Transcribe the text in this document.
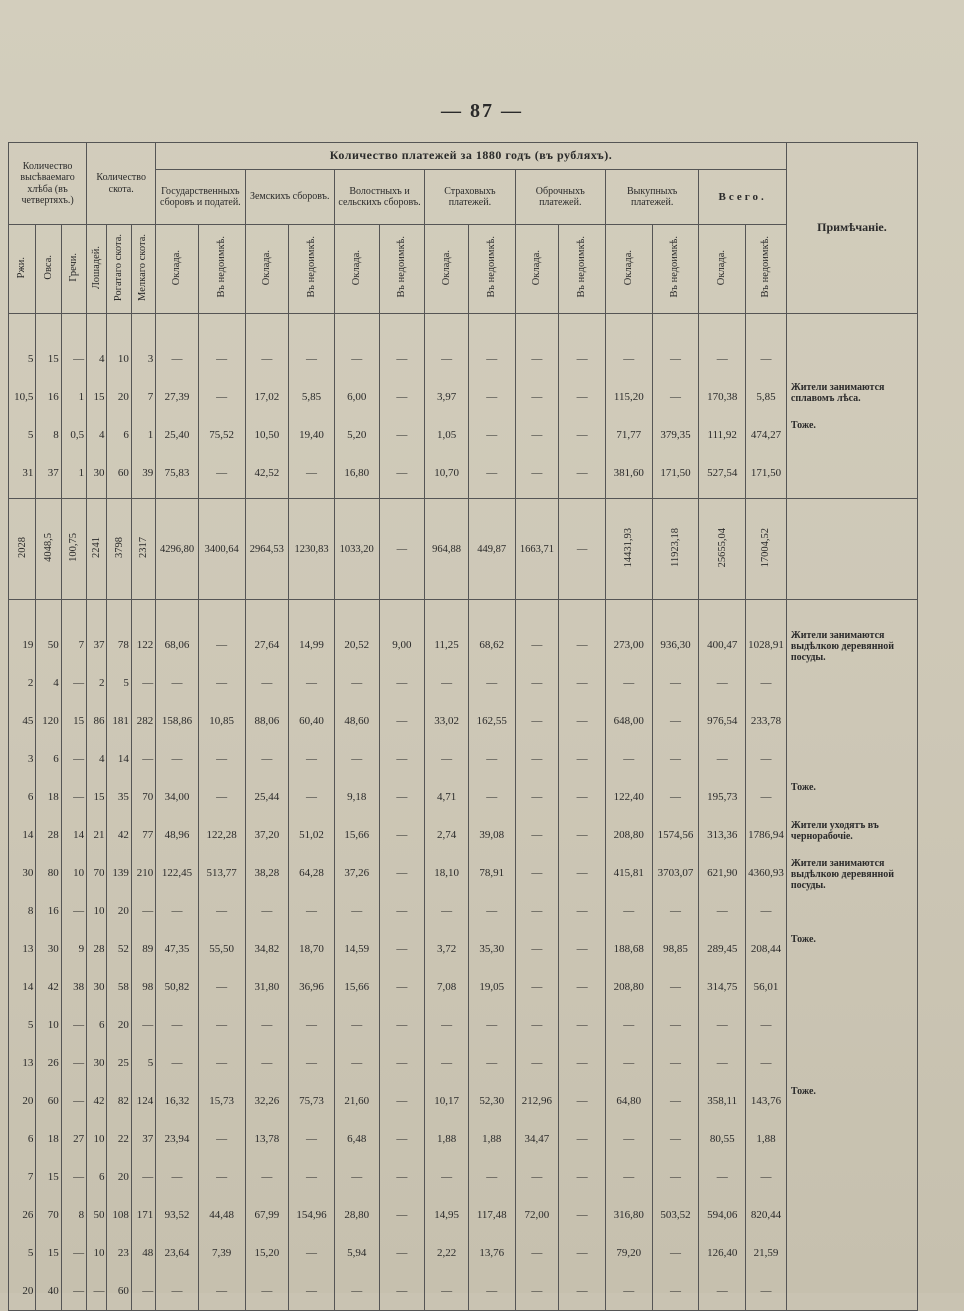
— 87 —
Количество высѣваемаго хлѣба (въ четвертяхъ.)			Количество скота.			Количество платежей за 1880 годъ (въ рубляхъ).														Примѣчаніе.
						Государственныхъ сборовъ и податей.		Земскихъ сборовъ.		Волостныхъ и сельскихъ сборовъ.		Страховыхъ платежей.		Оброчныхъ платежей.		Выкупныхъ платежей.		Всего.		
Ржи.	Овса.	Гречи.	Лошадей.	Рогатаго скота.	Мелкаго скота.	Оклада.	Въ недоимкѣ.	Оклада.	Въ недоимкѣ.	Оклада.	Въ недоимкѣ.	Оклада.	Въ недоимкѣ.	Оклада.	Въ недоимкѣ.	Оклада.	Въ недоимкѣ.	Оклада.	Въ недоимкѣ.	

5	15	—	4	10	3	—	—	—	—	—	—	—	—	—	—	—	—	—	—	
10,5	16	1	15	20	7	27,39	—	17,02	5,85	6,00	—	3,97	—	—	—	115,20	—	170,38	5,85	Жители занимаются сплавомъ лѣса.
5	8	0,5	4	6	1	25,40	75,52	10,50	19,40	5,20	—	1,05	—	—	—	71,77	379,35	111,92	474,27	Тоже.
31	37	1	30	60	39	75,83	—	42,52	—	16,80	—	10,70	—	—	—	381,60	171,50	527,54	171,50	

2028	4048,5	100,75	2241	3798	2317	4296,80	3400,64	2964,53	1230,83	1033,20	—	964,88	449,87	1663,71	—	14431,93	11923,18	25655,04	17004,52	

19	50	7	37	78	122	68,06	—	27,64	14,99	20,52	9,00	11,25	68,62	—	—	273,00	936,30	400,47	1028,91	Жители занимаются выдѣлкою деревянной посуды.
2	4	—	2	5	—	—	—	—	—	—	—	—	—	—	—	—	—	—	—	
45	120	15	86	181	282	158,86	10,85	88,06	60,40	48,60	—	33,02	162,55	—	—	648,00	—	976,54	233,78	
3	6	—	4	14	—	—	—	—	—	—	—	—	—	—	—	—	—	—	—	
6	18	—	15	35	70	34,00	—	25,44	—	9,18	—	4,71	—	—	—	122,40	—	195,73	—	Тоже.
14	28	14	21	42	77	48,96	122,28	37,20	51,02	15,66	—	2,74	39,08	—	—	208,80	1574,56	313,36	1786,94	Жители уходятъ въ чернорабочіе.
30	80	10	70	139	210	122,45	513,77	38,28	64,28	37,26	—	18,10	78,91	—	—	415,81	3703,07	621,90	4360,93	Жители занимаются выдѣлкою деревянной посуды.
8	16	—	10	20	—	—	—	—	—	—	—	—	—	—	—	—	—	—	—	
13	30	9	28	52	89	47,35	55,50	34,82	18,70	14,59	—	3,72	35,30	—	—	188,68	98,85	289,45	208,44	Тоже.
14	42	38	30	58	98	50,82	—	31,80	36,96	15,66	—	7,08	19,05	—	—	208,80	—	314,75	56,01	
5	10	—	6	20	—	—	—	—	—	—	—	—	—	—	—	—	—	—	—	
13	26	—	30	25	5	—	—	—	—	—	—	—	—	—	—	—	—	—	—	
20	60	—	42	82	124	16,32	15,73	32,26	75,73	21,60	—	10,17	52,30	212,96	—	64,80	—	358,11	143,76	Тоже.
6	18	27	10	22	37	23,94	—	13,78	—	6,48	—	1,88	1,88	34,47	—	—	—	80,55	1,88	
7	15	—	6	20	—	—	—	—	—	—	—	—	—	—	—	—	—	—	—	
26	70	8	50	108	171	93,52	44,48	67,99	154,96	28,80	—	14,95	117,48	72,00	—	316,80	503,52	594,06	820,44	
5	15	—	10	23	48	23,64	7,39	15,20	—	5,94	—	2,22	13,76	—	—	79,20	—	126,40	21,59	
20	40	—	—	60	—	—	—	—	—	—	—	—	—	—	—	—	—	—	—	
